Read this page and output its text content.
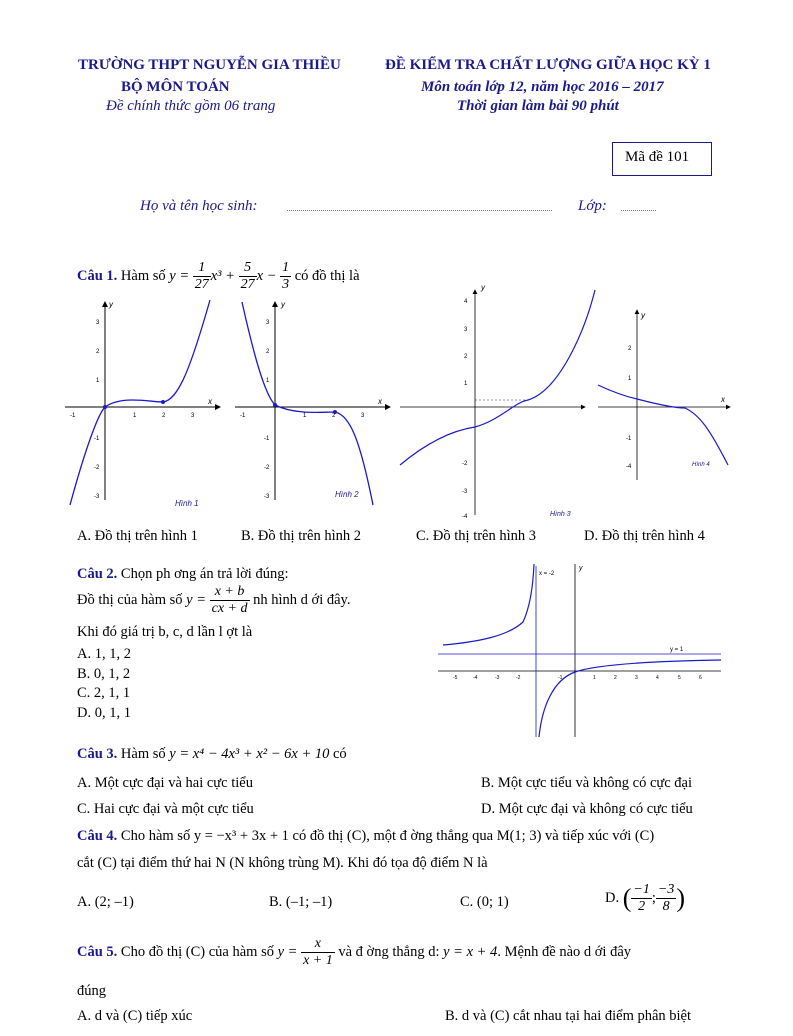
TRƯỜNG THPT NGUYỄN GIA THIỀU
BỘ MÔN TOÁN
Đề chính thức gồm 06 trang
ĐỀ KIỂM TRA CHẤT LƯỢNG GIỮA HỌC KỲ 1
Môn toán lớp 12, năm học 2016 – 2017
Thời gian làm bài 90 phút
Mã đề 101
Họ và tên học sinh:	Lớp:
Câu 1. Hàm số $y = \frac{1}{27} x^3 + \frac{5}{27}$ $x - \frac{1}{3}$ có đồ thị là
y
x
3
2
1
-1
-2
-3
-1	1	2	3
Hình 1
y
x
3
2
1
-1
-2
-3
-1	1	2	3
Hình 2
y
4
3
2
1
-2
-3
-4	Hình 3
y
x
2
1
-1
-4	Hình 4
A. Đồ thị trên hình 1	B. Đồ thị trên hình 2	C. Đồ thị trên hình 3	D. Đồ thị trên hình 4
Câu 2. Chọn ph ơng án trả lời đúng:
Đồ thị của hàm số $y = \frac{x + b}{cx + d}$ nh hình d ới đây.
Khi đó giá trị b, c, d lần l ợt là
A. 1, 1, 2
B. 0, 1, 2
C. 2, 1, 1
D. 0, 1, 1
x = -2
y = 1
y
-5	-4	-3	-2	-1	1	2	3	4	5	6
Câu 3. Hàm số y = x⁴ − 4x³ + x² − 6x + 10 có
A. Một cực đại và hai cực tiểu	B. Một cực tiểu và không có cực đại
C. Hai cực đại và một cực tiểu	D. Một cực đại và không có cực tiểu
Câu 4. Cho hàm số y = −x³ + 3x + 1 có đồ thị (C), một đ ờng thẳng qua M(1; 3) và tiếp xúc với (C)
cắt (C) tại điểm thứ hai N (N không trùng M). Khi đó tọa độ điểm N là
A. (2; –1)	B. (–1; –1)	C. (0; 1)	D. ( $\frac{-1}{2}$ ; $\frac{-3}{8}$ )
Câu 5. Cho đồ thị (C) của hàm số $y = \frac{x}{x + 1}$ và đ ờng thẳng d: y = x + 4. Mệnh đề nào d ới đây
đúng
A. d và (C) tiếp xúc	B. d và (C) cắt nhau tại hai điểm phân biệt
